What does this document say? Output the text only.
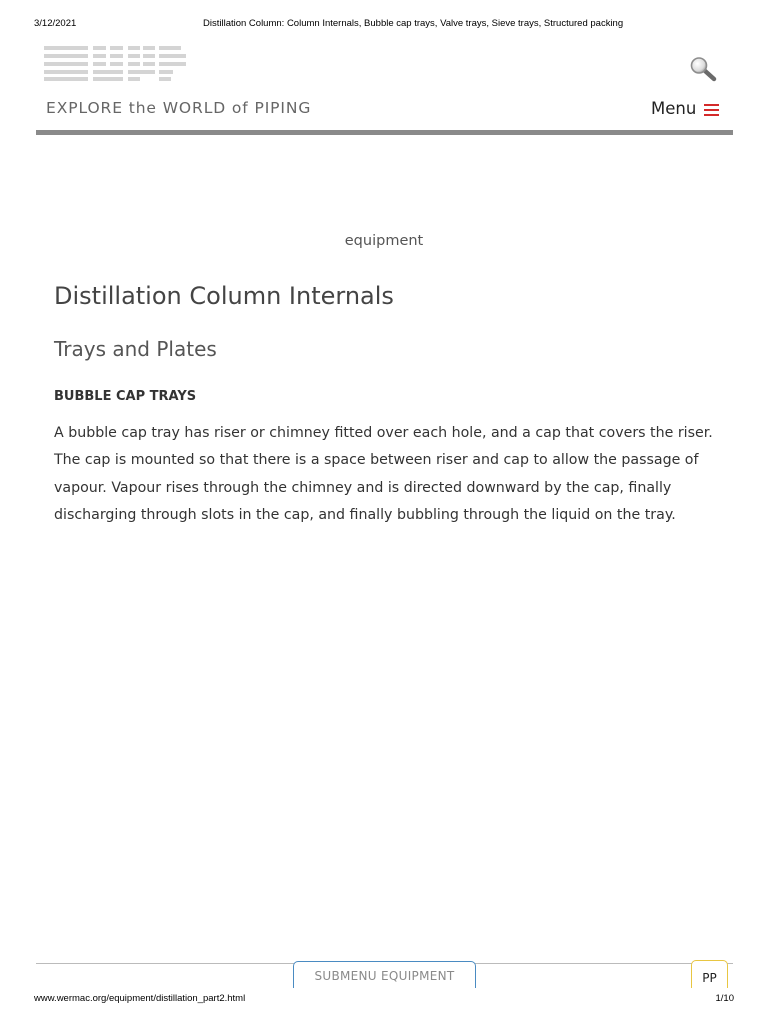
3/12/2021	Distillation Column: Column Internals, Bubble cap trays, Valve trays, Sieve trays, Structured packing
EXPLORE the WORLD of PIPING	Menu
equipment
Distillation Column Internals
Trays and Plates
BUBBLE CAP TRAYS

A bubble cap tray has riser or chimney fitted over each hole, and a cap that covers the riser. The cap is mounted so that there is a space between riser and cap to allow the passage of vapour. Vapour rises through the chimney and is directed downward by the cap, finally discharging through slots in the cap, and finally bubbling through the liquid on the tray.

SUBMENU EQUIPMENT	PP
www.wermac.org/equipment/distillation_part2.html	1/10
